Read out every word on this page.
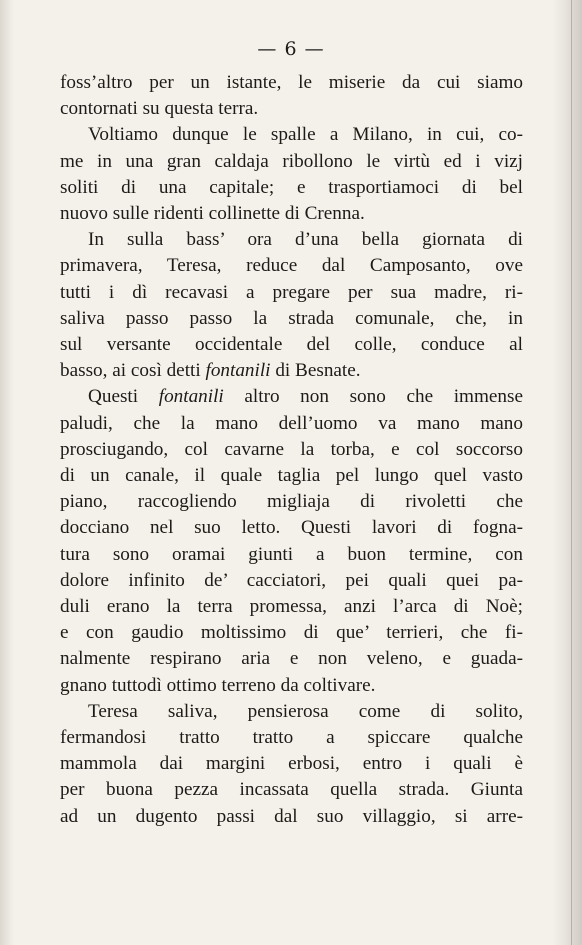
— 6 —
foss’altro per un istante, le miserie da cui siamo
contornati su questa terra.
Voltiamo dunque le spalle a Milano, in cui, co-
me in una gran caldaja ribollono le virtù ed i vizj
soliti di una capitale; e trasportiamoci di bel
nuovo sulle ridenti collinette di Crenna.
In sulla bass’ ora d’una bella giornata di
primavera, Teresa, reduce dal Camposanto, ove
tutti i dì recavasi a pregare per sua madre, ri-
saliva passo passo la strada comunale, che, in
sul versante occidentale del colle, conduce al
basso, ai così detti fontanili di Besnate.
Questi fontanili altro non sono che immense
paludi, che la mano dell’uomo va mano mano
prosciugando, col cavarne la torba, e col soccorso
di un canale, il quale taglia pel lungo quel vasto
piano, raccogliendo migliaja di rivoletti che
docciano nel suo letto. Questi lavori di fogna-
tura sono oramai giunti a buon termine, con
dolore infinito de’ cacciatori, pei quali quei pa-
duli erano la terra promessa, anzi l’arca di Noè;
e con gaudio moltissimo di que’ terrieri, che fi-
nalmente respirano aria e non veleno, e guada-
gnano tuttodì ottimo terreno da coltivare.
Teresa saliva, pensierosa come di solito,
fermandosi tratto tratto a spiccare qualche
mammola dai margini erbosi, entro i quali è
per buona pezza incassata quella strada. Giunta
ad un dugento passi dal suo villaggio, si arre-
